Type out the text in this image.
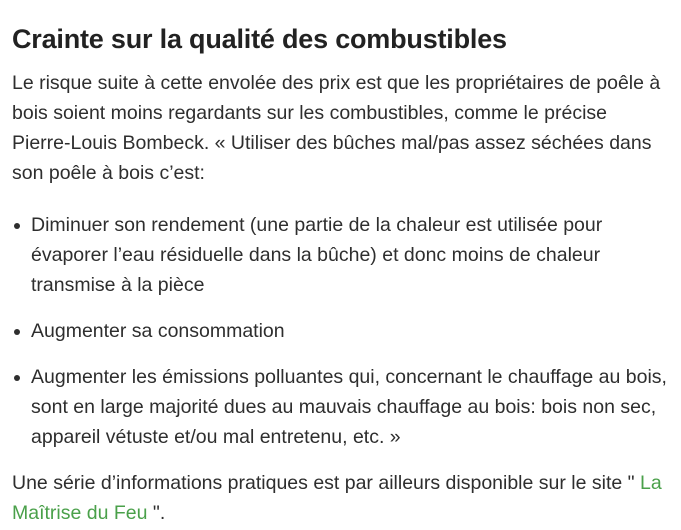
Crainte sur la qualité des combustibles

Le risque suite à cette envolée des prix est que les propriétaires de poêle à bois soient moins regardants sur les combustibles, comme le précise Pierre-Louis Bombeck. « Utiliser des bûches mal/pas assez séchées dans son poêle à bois c’est:

Diminuer son rendement (une partie de la chaleur est utilisée pour évaporer l’eau résiduelle dans la bûche) et donc moins de chaleur transmise à la pièce
Augmenter sa consommation
Augmenter les émissions polluantes qui, concernant le chauffage au bois, sont en large majorité dues au mauvais chauffage au bois: bois non sec, appareil vétuste et/ou mal entretenu, etc. »

Une série d’informations pratiques est par ailleurs disponible sur le site " La Maîtrise du Feu ".
